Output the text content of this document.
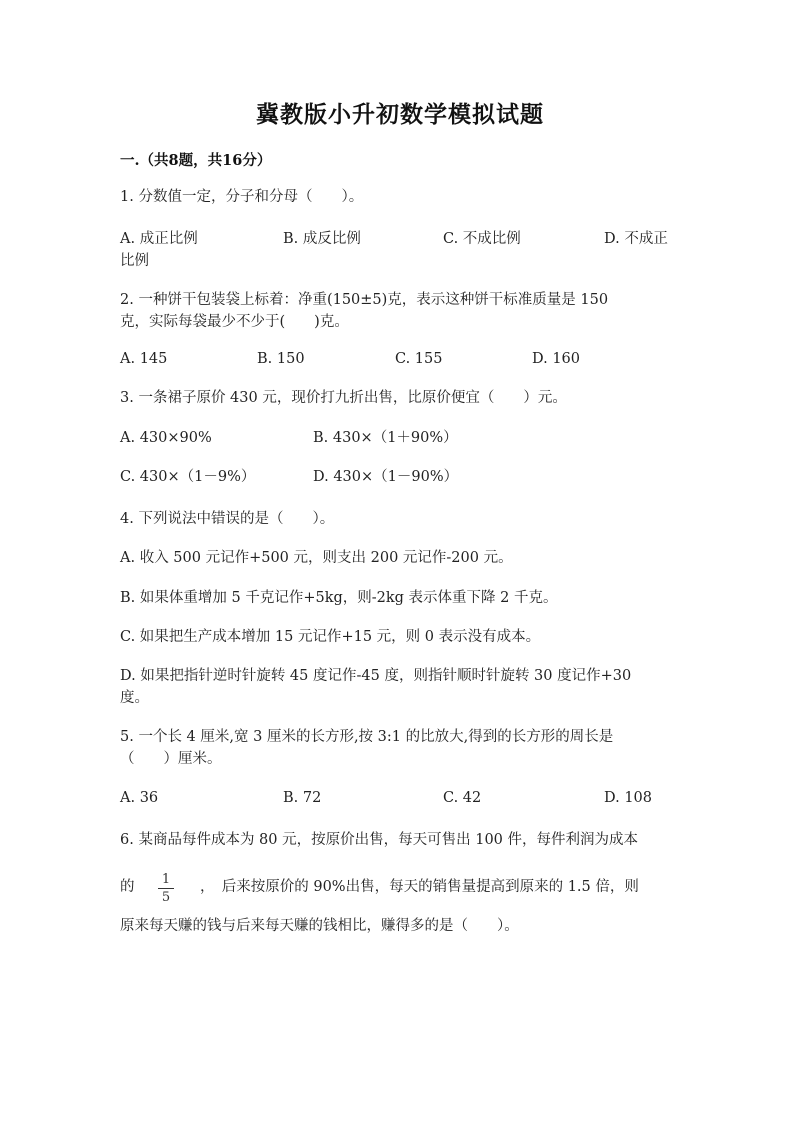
冀教版小升初数学模拟试题
一.（共8题，共16分）
1. 分数值一定，分子和分母（　　）。
A. 成正比例	B. 成反比例	C. 不成比例	D. 不成正
比例
2. 一种饼干包装袋上标着：净重(150±5)克，表示这种饼干标准质量是 150
克，实际每袋最少不少于(　　)克。
A. 145	B. 150	C. 155	D. 160
3. 一条裙子原价 430 元，现价打九折出售，比原价便宜（　　）元。
A. 430×90%	B. 430×（1＋90%）
C. 430×（1－9%）	D. 430×（1－90%）
4. 下列说法中错误的是（　　）。
A. 收入 500 元记作+500 元，则支出 200 元记作-200 元。
B. 如果体重增加 5 千克记作+5kg，则-2kg 表示体重下降 2 千克。
C. 如果把生产成本增加 15 元记作+15 元，则 0 表示没有成本。
D. 如果把指针逆时针旋转 45 度记作-45 度，则指针顺时针旋转 30 度记作+30
度。
5. 一个长 4 厘米,宽 3 厘米的长方形,按 3:1 的比放大,得到的长方形的周长是
（　　）厘米。
A. 36	B. 72	C. 42	D. 108
6. 某商品每件成本为 80 元，按原价出售，每天可售出 100 件，每件利润为成本
的 1
5
，　后来按原价的 90%出售，每天的销售量提高到原来的 1.5 倍，则
原来每天赚的钱与后来每天赚的钱相比，赚得多的是（　　）。
